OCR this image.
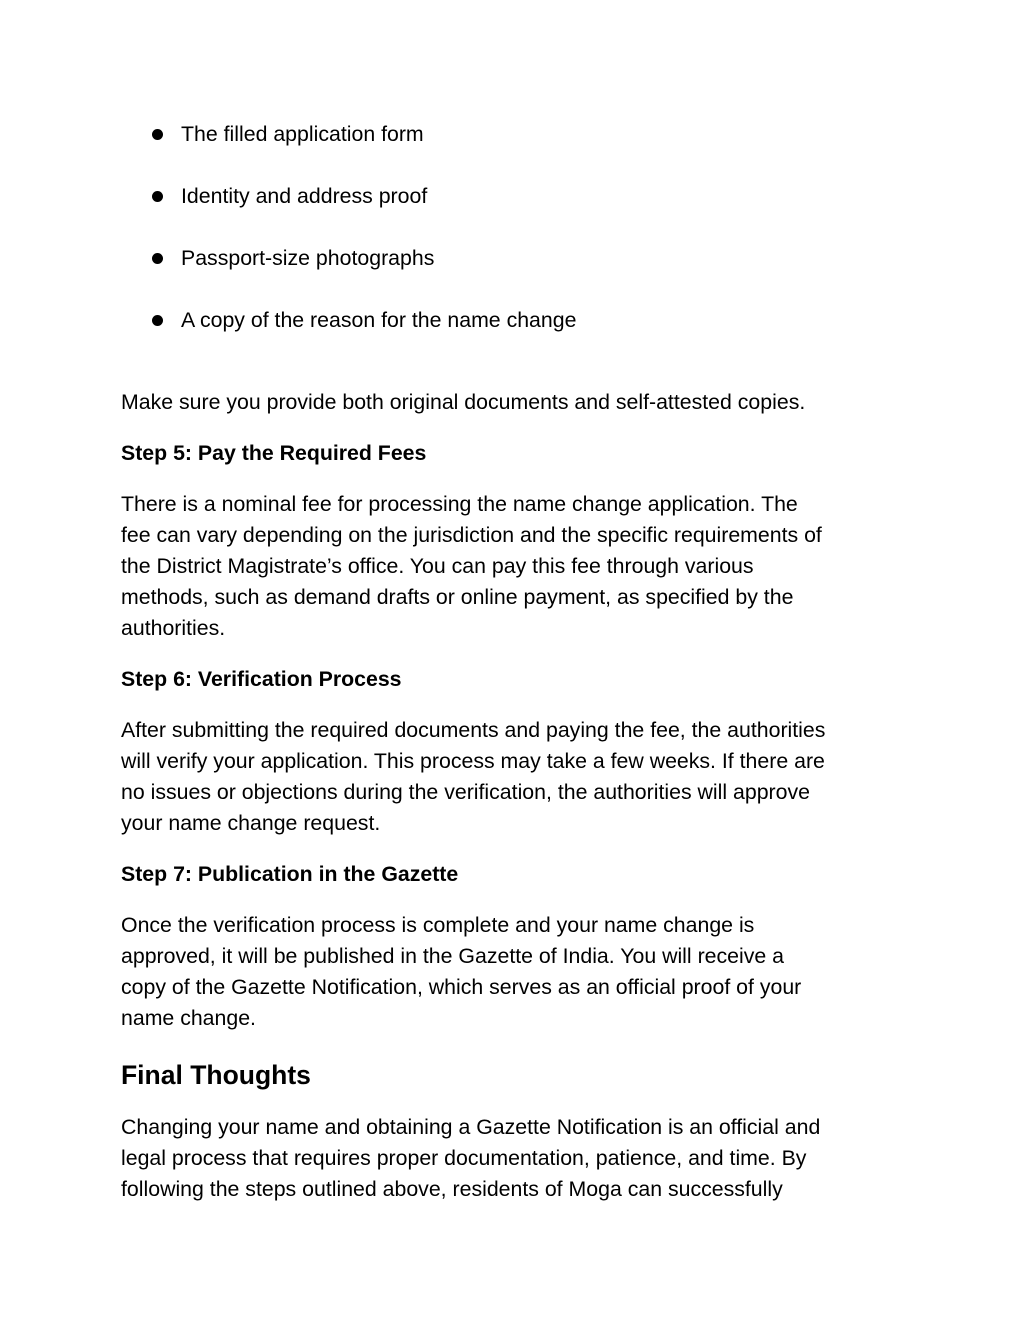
The filled application form
Identity and address proof
Passport-size photographs
A copy of the reason for the name change

Make sure you provide both original documents and self-attested copies.

Step 5: Pay the Required Fees
There is a nominal fee for processing the name change application. The
fee can vary depending on the jurisdiction and the specific requirements of
the District Magistrate’s office. You can pay this fee through various
methods, such as demand drafts or online payment, as specified by the
authorities.
Step 6: Verification Process
After submitting the required documents and paying the fee, the authorities
will verify your application. This process may take a few weeks. If there are
no issues or objections during the verification, the authorities will approve
your name change request.
Step 7: Publication in the Gazette
Once the verification process is complete and your name change is
approved, it will be published in the Gazette of India. You will receive a
copy of the Gazette Notification, which serves as an official proof of your
name change.
Final Thoughts
Changing your name and obtaining a Gazette Notification is an official and
legal process that requires proper documentation, patience, and time. By
following the steps outlined above, residents of Moga can successfully
